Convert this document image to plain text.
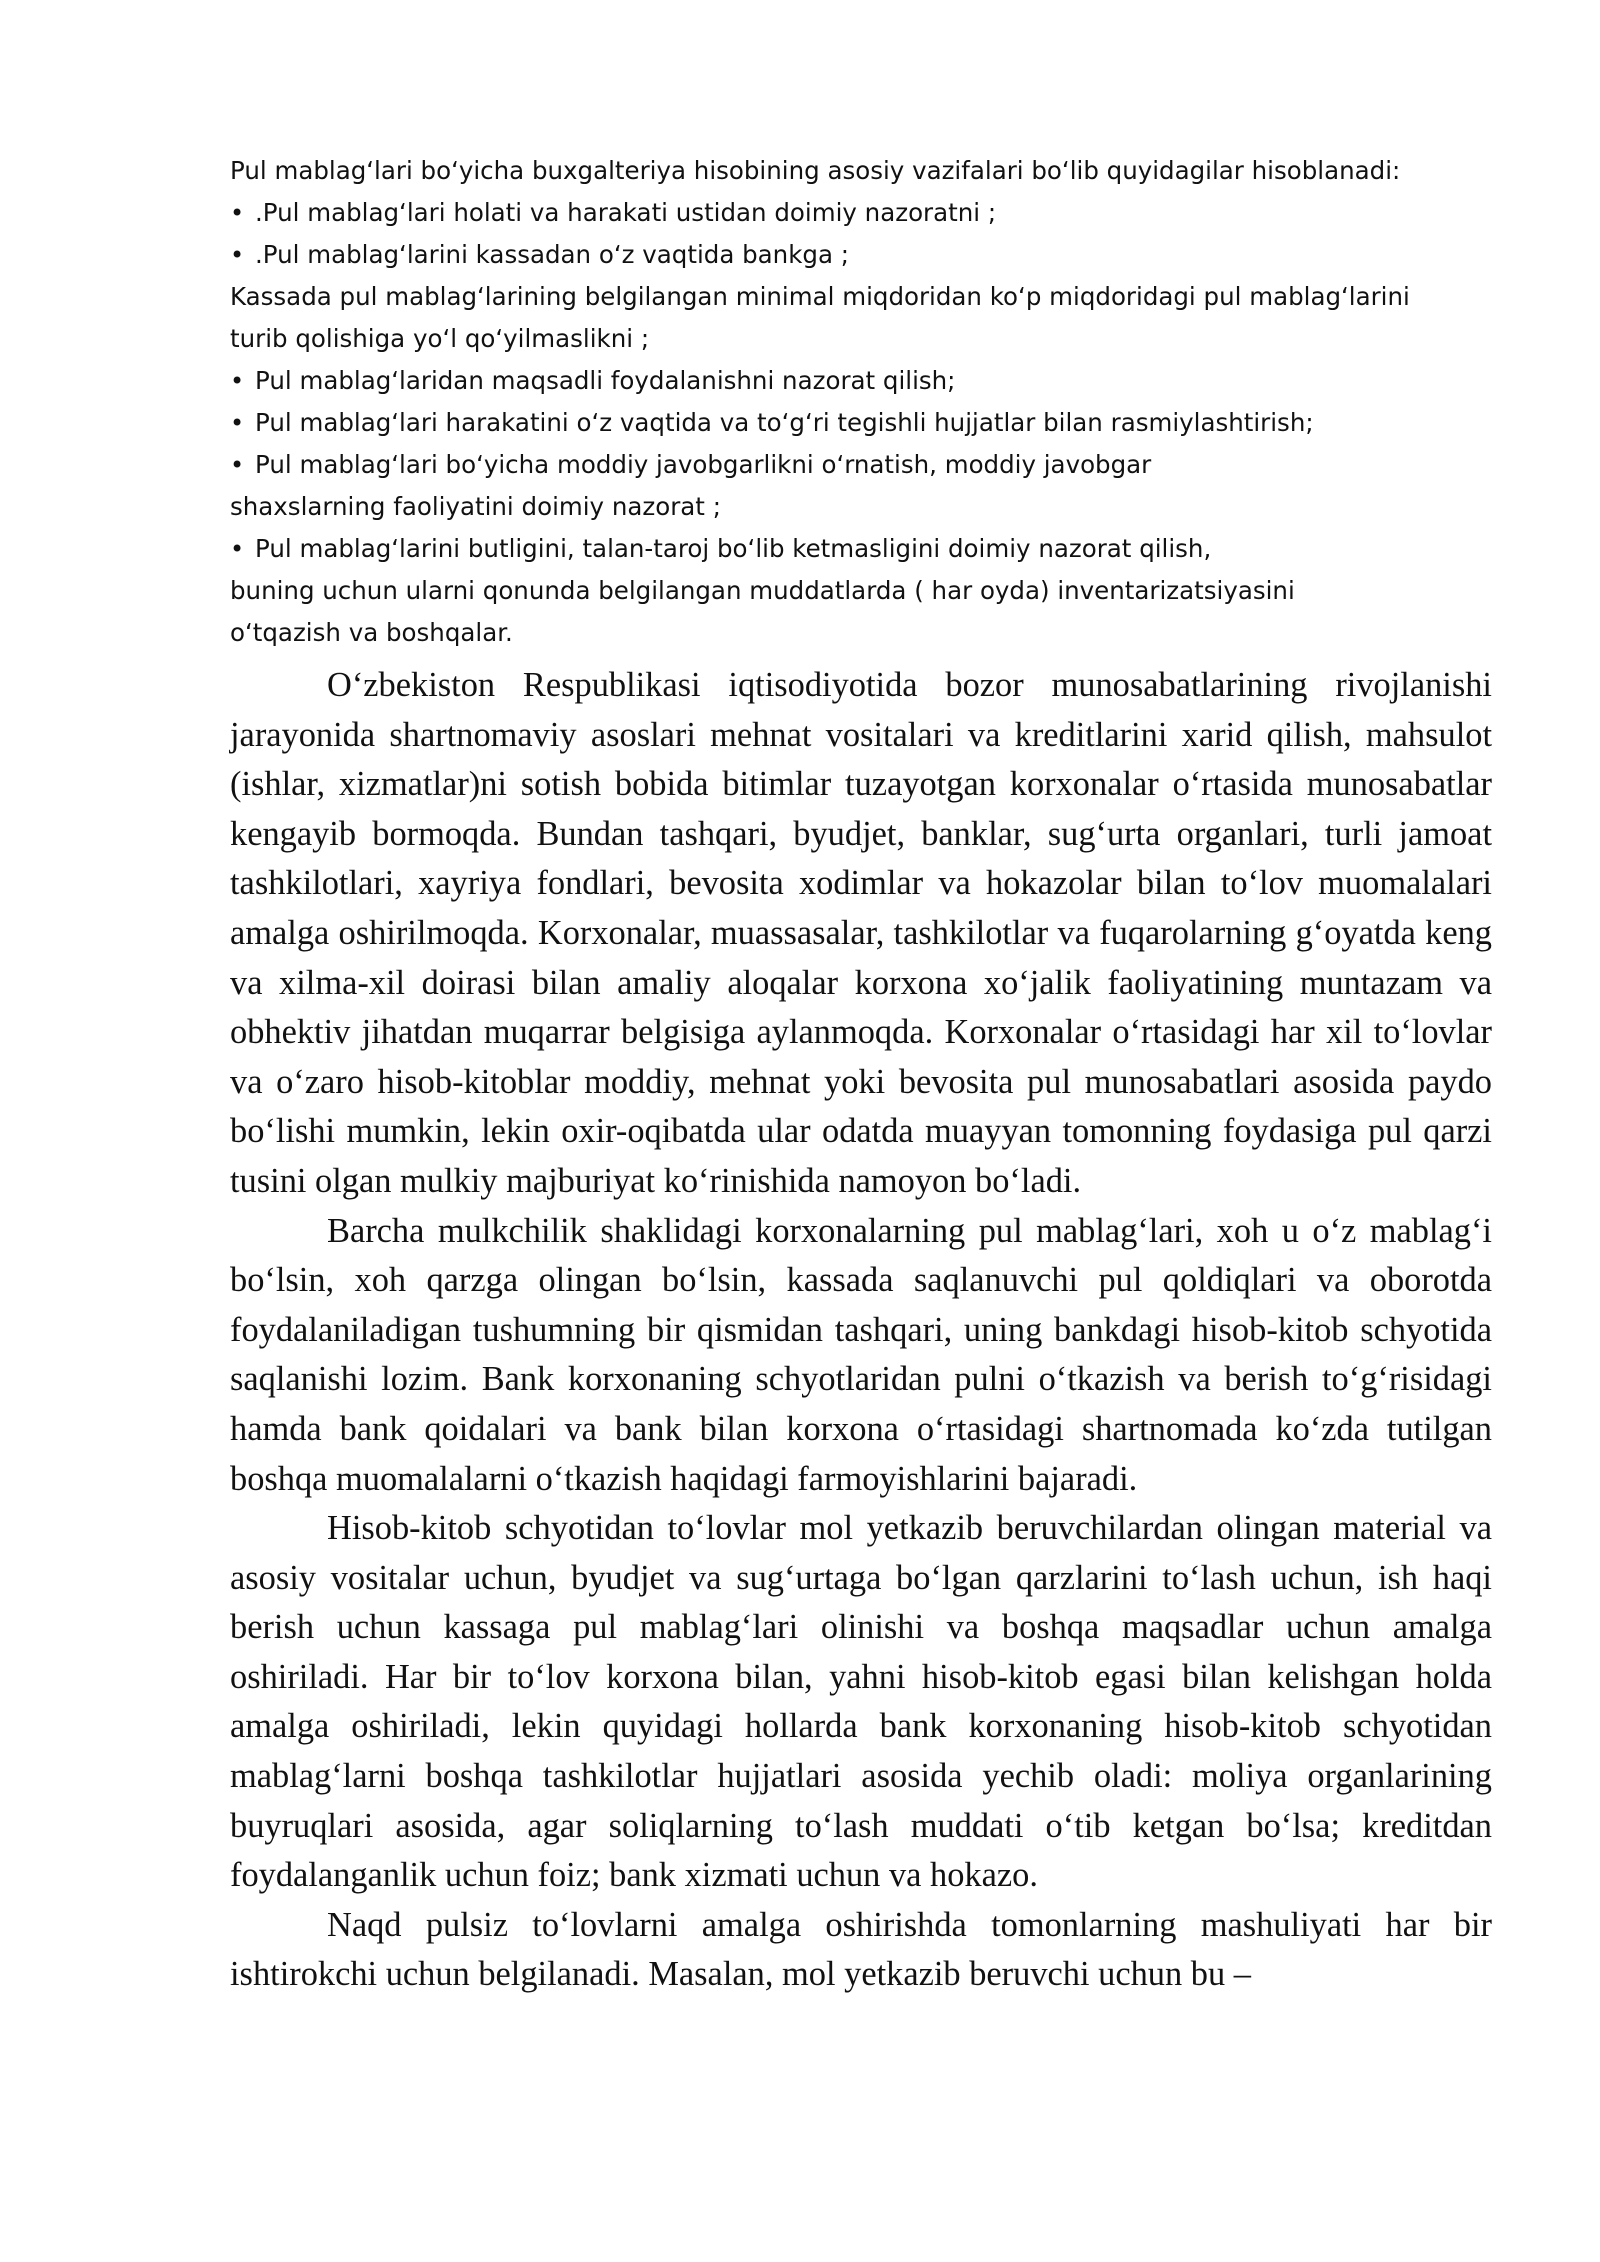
Pul mablag‘lari bo‘yicha buxgalteriya hisobining asosiy vazifalari bo‘lib quyidagilar hisoblanadi:
• .Pul mablag‘lari holati va harakati ustidan doimiy nazoratni ;
• .Pul mablag‘larini kassadan o‘z vaqtida bankga ;
Kassada pul mablag‘larining belgilangan minimal miqdoridan ko‘p miqdoridagi pul mablag‘larini
turib qolishiga yo‘l qo‘yilmaslikni ;
• Pul mablag‘laridan maqsadli foydalanishni nazorat qilish;
• Pul mablag‘lari harakatini o‘z vaqtida va to‘g‘ri tegishli hujjatlar bilan rasmiylashtirish;
• Pul mablag‘lari bo‘yicha moddiy javobgarlikni o‘rnatish, moddiy javobgar
shaxslarning faoliyatini doimiy nazorat ;
• Pul mablag‘larini butligini, talan-taroj bo‘lib ketmasligini doimiy nazorat qilish,
buning uchun ularni qonunda belgilangan muddatlarda ( har oyda) inventarizatsiyasini
o‘tqazish va boshqalar.

O‘zbekiston Respublikasi iqtisodiyotida bozor munosabatlarining rivojlanishi jarayonida shartnomaviy asoslari mehnat vositalari va kreditlarini xarid qilish, mahsulot (ishlar, xizmatlar)ni sotish bobida bitimlar tuzayotgan korxonalar o‘rtasida munosabatlar kengayib bormoqda. Bundan tashqari, byudjet, banklar, sug‘urta organlari, turli jamoat tashkilotlari, xayriya fondlari, bevosita xodimlar va hokazolar bilan to‘lov muomalalari amalga oshirilmoqda. Korxonalar, muassasalar, tashkilotlar va fuqarolarning g‘oyatda keng va xilma-xil doirasi bilan amaliy aloqalar korxona xo‘jalik faoliyatining muntazam va obhektiv jihatdan muqarrar belgisiga aylanmoqda. Korxonalar o‘rtasidagi har xil to‘lovlar va o‘zaro hisob-kitoblar moddiy, mehnat yoki bevosita pul munosabatlari asosida paydo bo‘lishi mumkin, lekin oxir-oqibatda ular odatda muayyan tomonning foydasiga pul qarzi tusini olgan mulkiy majburiyat ko‘rinishida namoyon bo‘ladi.

Barcha mulkchilik shaklidagi korxonalarning pul mablag‘lari, xoh u o‘z mablag‘i bo‘lsin, xoh qarzga olingan bo‘lsin, kassada saqlanuvchi pul qoldiqlari va oborotda foydalaniladigan tushumning bir qismidan tashqari, uning bankdagi hisob-kitob schyotida saqlanishi lozim. Bank korxonaning schyotlaridan pulni o‘tkazish va berish to‘g‘risidagi hamda bank qoidalari va bank bilan korxona o‘rtasidagi shartnomada ko‘zda tutilgan boshqa muomalalarni o‘tkazish haqidagi farmoyishlarini bajaradi.

Hisob-kitob schyotidan to‘lovlar mol yetkazib beruvchilardan olingan material va asosiy vositalar uchun, byudjet va sug‘urtaga bo‘lgan qarzlarini to‘lash uchun, ish haqi berish uchun kassaga pul mablag‘lari olinishi va boshqa maqsadlar uchun amalga oshiriladi. Har bir to‘lov korxona bilan, yahni hisob-kitob egasi bilan kelishgan holda amalga oshiriladi, lekin quyidagi hollarda bank korxonaning hisob-kitob schyotidan mablag‘larni boshqa tashkilotlar hujjatlari asosida yechib oladi: moliya organlarining buyruqlari asosida, agar soliqlarning to‘lash muddati o‘tib ketgan bo‘lsa; kreditdan foydalanganlik uchun foiz; bank xizmati uchun va hokazo.

Naqd pulsiz to‘lovlarni amalga oshirishda tomonlarning mashuliyati har bir ishtirokchi uchun belgilanadi. Masalan, mol yetkazib beruvchi uchun bu –
